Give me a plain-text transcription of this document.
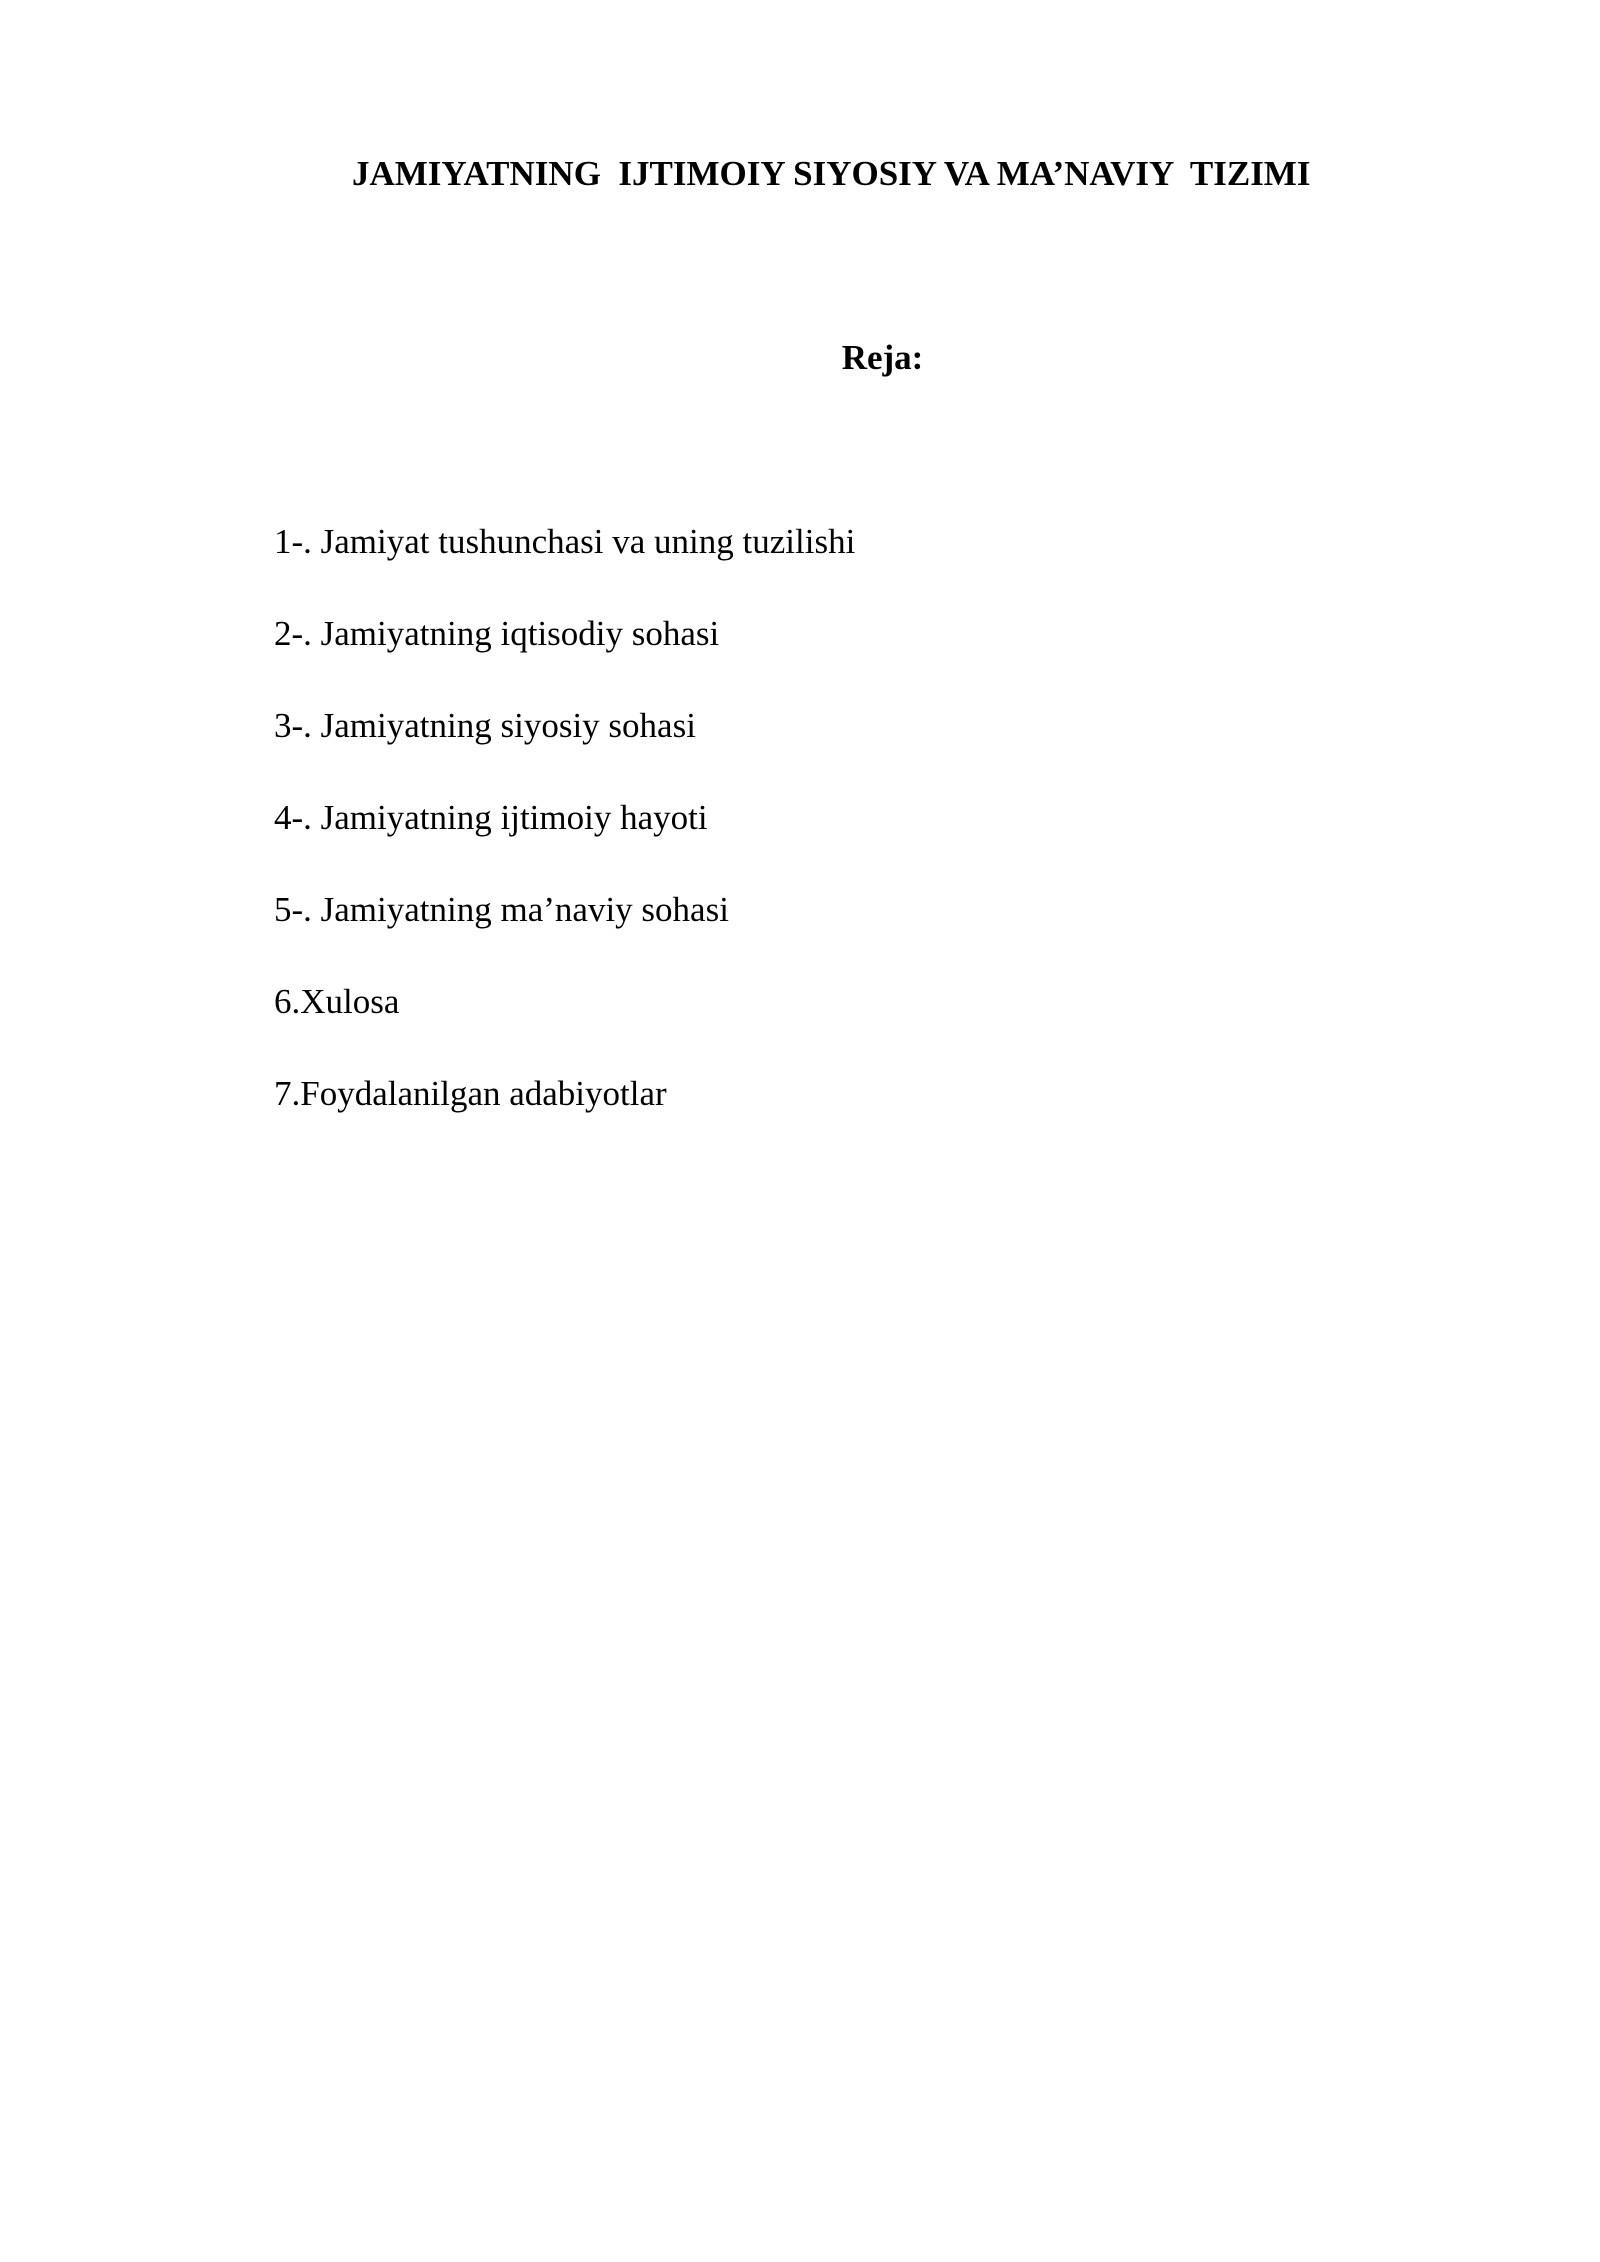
JAMIYATNING  IJTIMOIY SIYOSIY VA MA’NAVIY  TIZIMI
Reja:
1-. Jamiyat tushunchasi va uning tuzilishi
2-. Jamiyatning iqtisodiy sohasi
3-. Jamiyatning siyosiy sohasi
4-. Jamiyatning ijtimoiy hayoti
5-. Jamiyatning ma’naviy sohasi
6.Xulosa
7.Foydalanilgan adabiyotlar
